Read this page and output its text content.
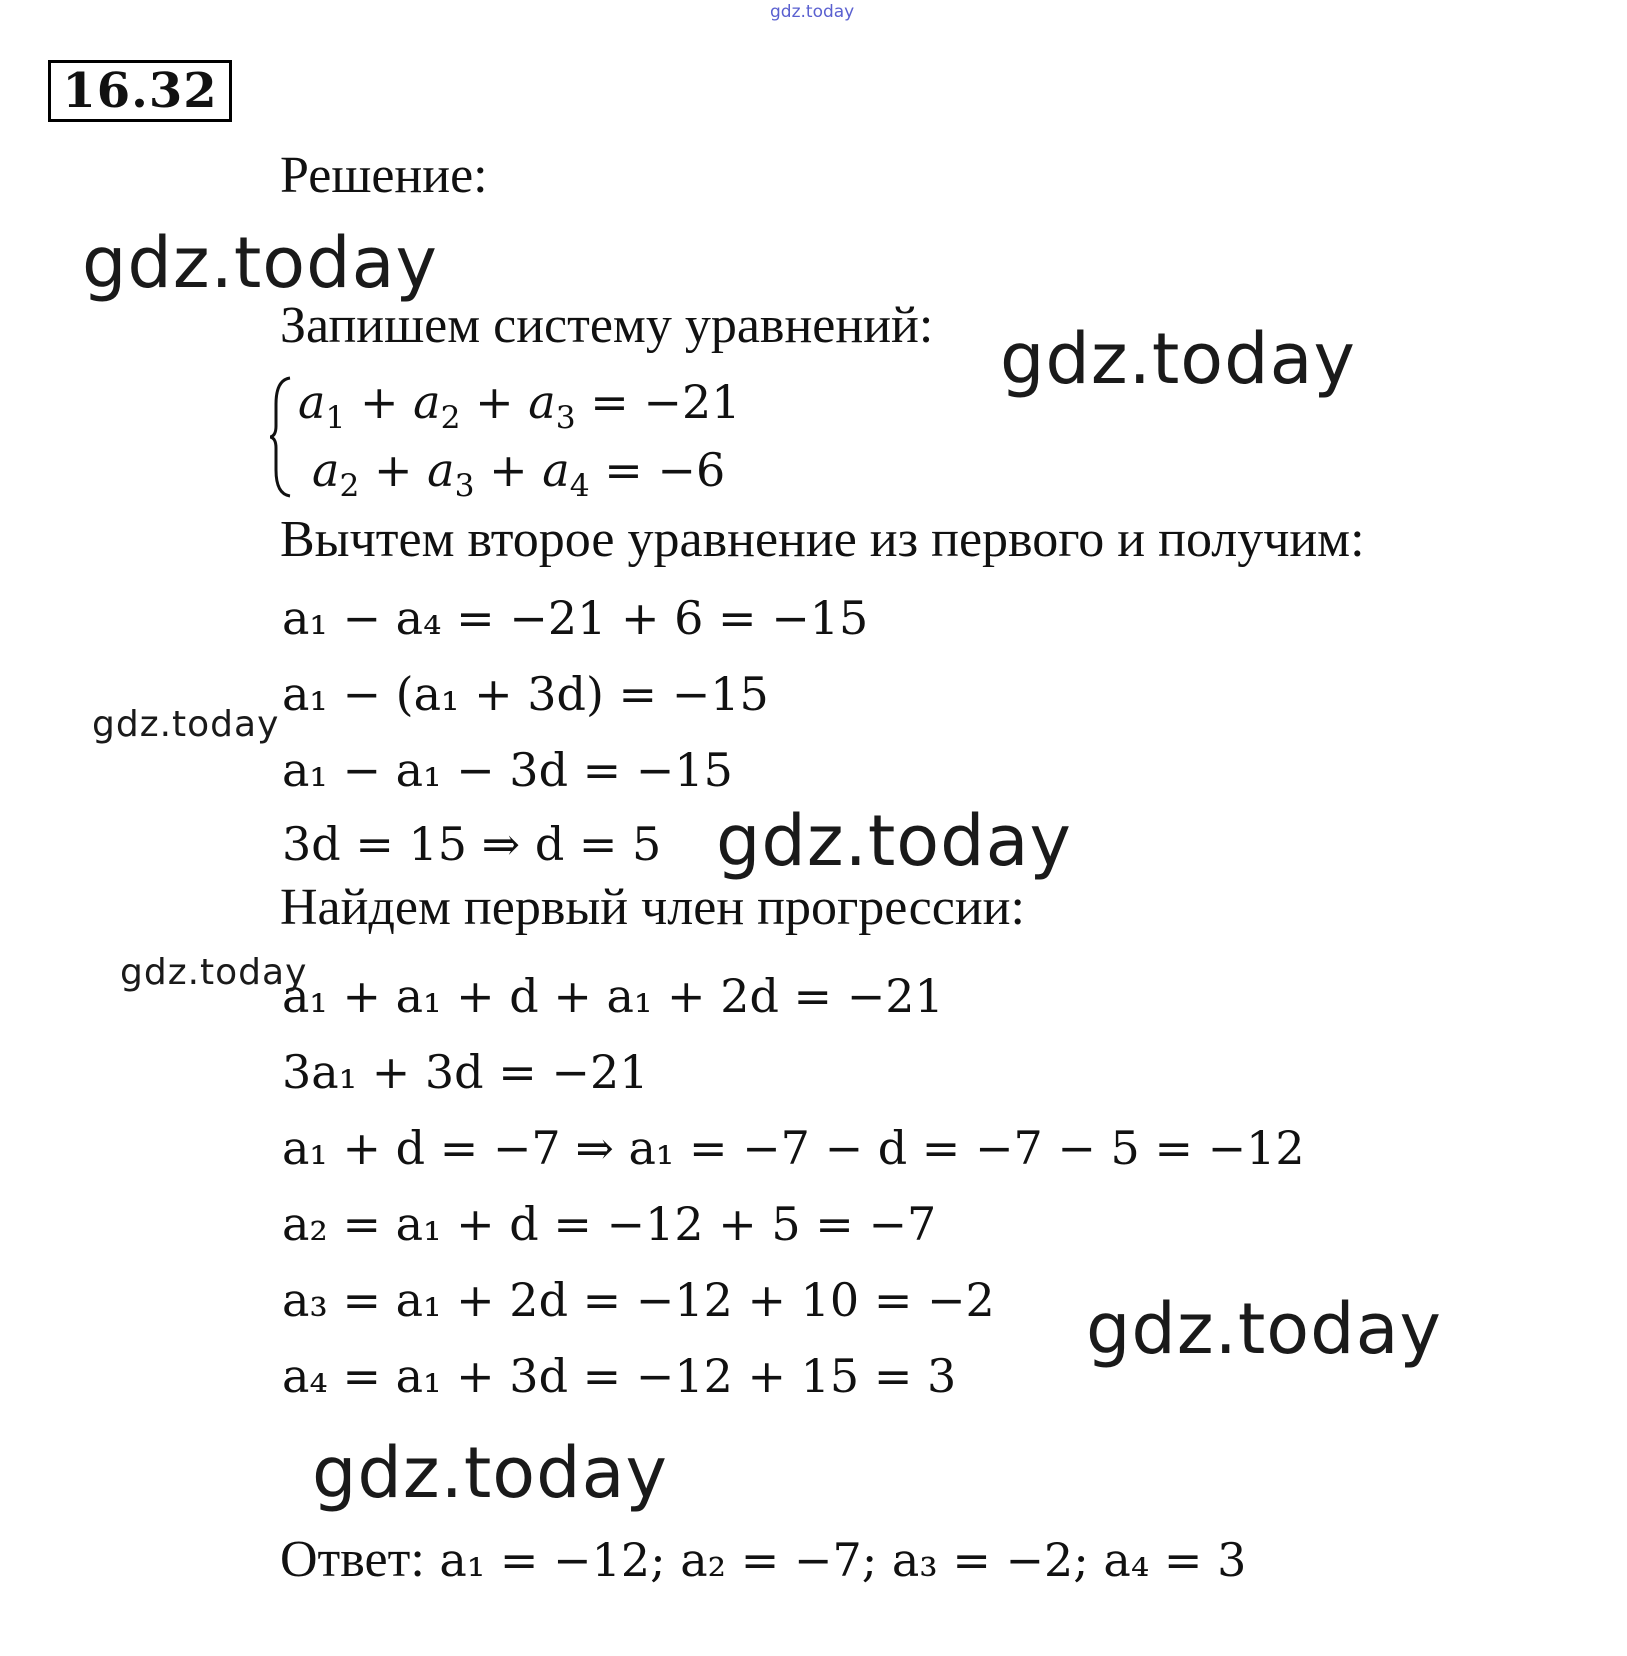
gdz.today
16.32
Решение:
Запишем систему уравнений:
$a_1 + a_2 + a_3 = -21$
$a_2 + a_3 + a_4 = -6$
Вычтем второе уравнение из первого и получим:
a₁ − a₄ = −21 + 6 = −15
a₁ − (a₁ + 3d) = −15
a₁ − a₁ − 3d = −15
3d = 15 ⇒ d = 5
Найдем первый член прогрессии:
a₁ + a₁ + d + a₁ + 2d = −21
3a₁ + 3d = −21
a₁ + d = −7 ⇒ a₁ = −7 − d = −7 − 5 = −12
a₂ = a₁ + d = −12 + 5 = −7
a₃ = a₁ + 2d = −12 + 10 = −2
a₄ = a₁ + 3d = −12 + 15 = 3
Ответ: a₁ = −12; a₂ = −7; a₃ = −2; a₄ = 3
gdz.today
gdz.today
gdz.today
gdz.today
gdz.today
gdz.today
gdz.today
